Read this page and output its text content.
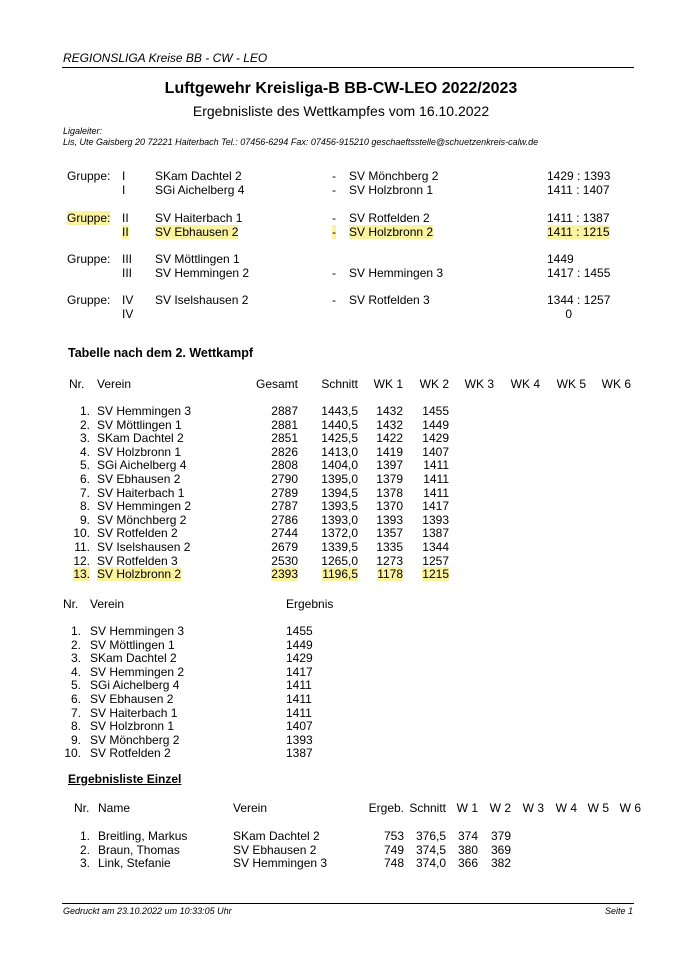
REGIONSLIGA Kreise BB - CW - LEO
Luftgewehr Kreisliga-B BB-CW-LEO 2022/2023
Ergebnisliste des Wettkampfes vom 16.10.2022
Ligaleiter:
Lis, Ute Gaisberg 20 72221 Haiterbach Tel.: 07456-6294 Fax: 07456-915210 geschaeftsstelle@schuetzenkreis-calw.de
Gruppe: I SKam Dachtel 2	- SV Mönchberg 2	1429 : 1393
I SGi Aichelberg 4	- SV Holzbronn 1	1411 : 1407
Gruppe: II SV Haiterbach 1	- SV Rotfelden 2	1411 : 1387
II SV Ebhausen 2	- SV Holzbronn 2	1411 : 1215
Gruppe: III SV Möttlingen 1	1449
III SV Hemmingen 2	- SV Hemmingen 3	1417 : 1455
Gruppe: IV SV Iselshausen 2	- SV Rotfelden 3	1344 : 1257
IV	0
Tabelle nach dem 2. Wettkampf
Nr. Verein	Gesamt	Schnitt	WK 1	WK 2	WK 3	WK 4	WK 5	WK 6
1. SV Hemmingen 3	2887	1443,5	1432	1455
2. SV Möttlingen 1	2881	1440,5	1432	1449
3. SKam Dachtel 2	2851	1425,5	1422	1429
4. SV Holzbronn 1	2826	1413,0	1419	1407
5. SGi Aichelberg 4	2808	1404,0	1397	1411
6. SV Ebhausen 2	2790	1395,0	1379	1411
7. SV Haiterbach 1	2789	1394,5	1378	1411
8. SV Hemmingen 2	2787	1393,5	1370	1417
9. SV Mönchberg 2	2786	1393,0	1393	1393
10. SV Rotfelden 2	2744	1372,0	1357	1387
11. SV Iselshausen 2	2679	1339,5	1335	1344
12. SV Rotfelden 3	2530	1265,0	1273	1257
13. SV Holzbronn 2	2393	1196,5	1178	1215
Nr. Verein	Ergebnis
1. SV Hemmingen 3	1455
2. SV Möttlingen 1	1449
3. SKam Dachtel 2	1429
4. SV Hemmingen 2	1417
5. SGi Aichelberg 4	1411
6. SV Ebhausen 2	1411
7. SV Haiterbach 1	1411
8. SV Holzbronn 1	1407
9. SV Mönchberg 2	1393
10. SV Rotfelden 2	1387
Ergebnisliste Einzel
Nr. Name	Verein	Ergeb. Schnitt W 1 W 2 W 3 W 4 W 5 W 6
1. Breitling, Markus	SKam Dachtel 2	753 376,5 374	379
2. Braun, Thomas	SV Ebhausen 2	749 374,5 380	369
3. Link, Stefanie	SV Hemmingen 3	748 374,0 366	382
Gedruckt am 23.10.2022 um 10:33:05 Uhr	Seite 1
